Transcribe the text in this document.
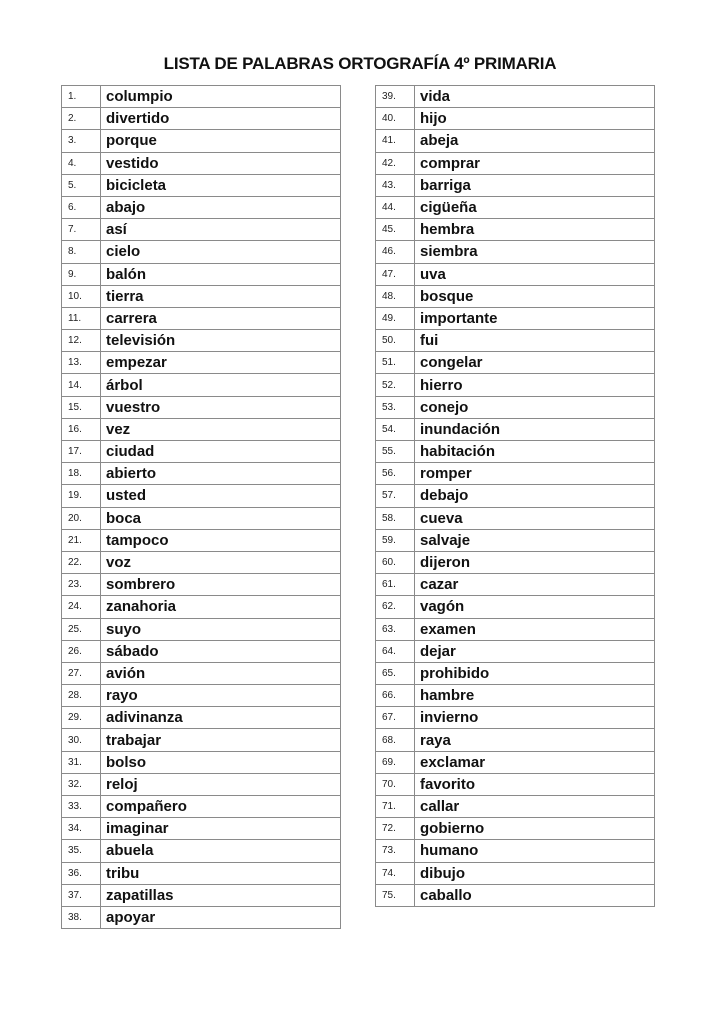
LISTA DE PALABRAS ORTOGRAFÍA 4º PRIMARIA
1.	columpio
2.	divertido
3.	porque
4.	vestido
5.	bicicleta
6.	abajo
7.	así
8.	cielo
9.	balón
10.	tierra
11.	carrera
12.	televisión
13.	empezar
14.	árbol
15.	vuestro
16.	vez
17.	ciudad
18.	abierto
19.	usted
20.	boca
21.	tampoco
22.	voz
23.	sombrero
24.	zanahoria
25.	suyo
26.	sábado
27.	avión
28.	rayo
29.	adivinanza
30.	trabajar
31.	bolso
32.	reloj
33.	compañero
34.	imaginar
35.	abuela
36.	tribu
37.	zapatillas
38.	apoyar
39.	vida
40.	hijo
41.	abeja
42.	comprar
43.	barriga
44.	cigüeña
45.	hembra
46.	siembra
47.	uva
48.	bosque
49.	importante
50.	fui
51.	congelar
52.	hierro
53.	conejo
54.	inundación
55.	habitación
56.	romper
57.	debajo
58.	cueva
59.	salvaje
60.	dijeron
61.	cazar
62.	vagón
63.	examen
64.	dejar
65.	prohibido
66.	hambre
67.	invierno
68.	raya
69.	exclamar
70.	favorito
71.	callar
72.	gobierno
73.	humano
74.	dibujo
75.	caballo
